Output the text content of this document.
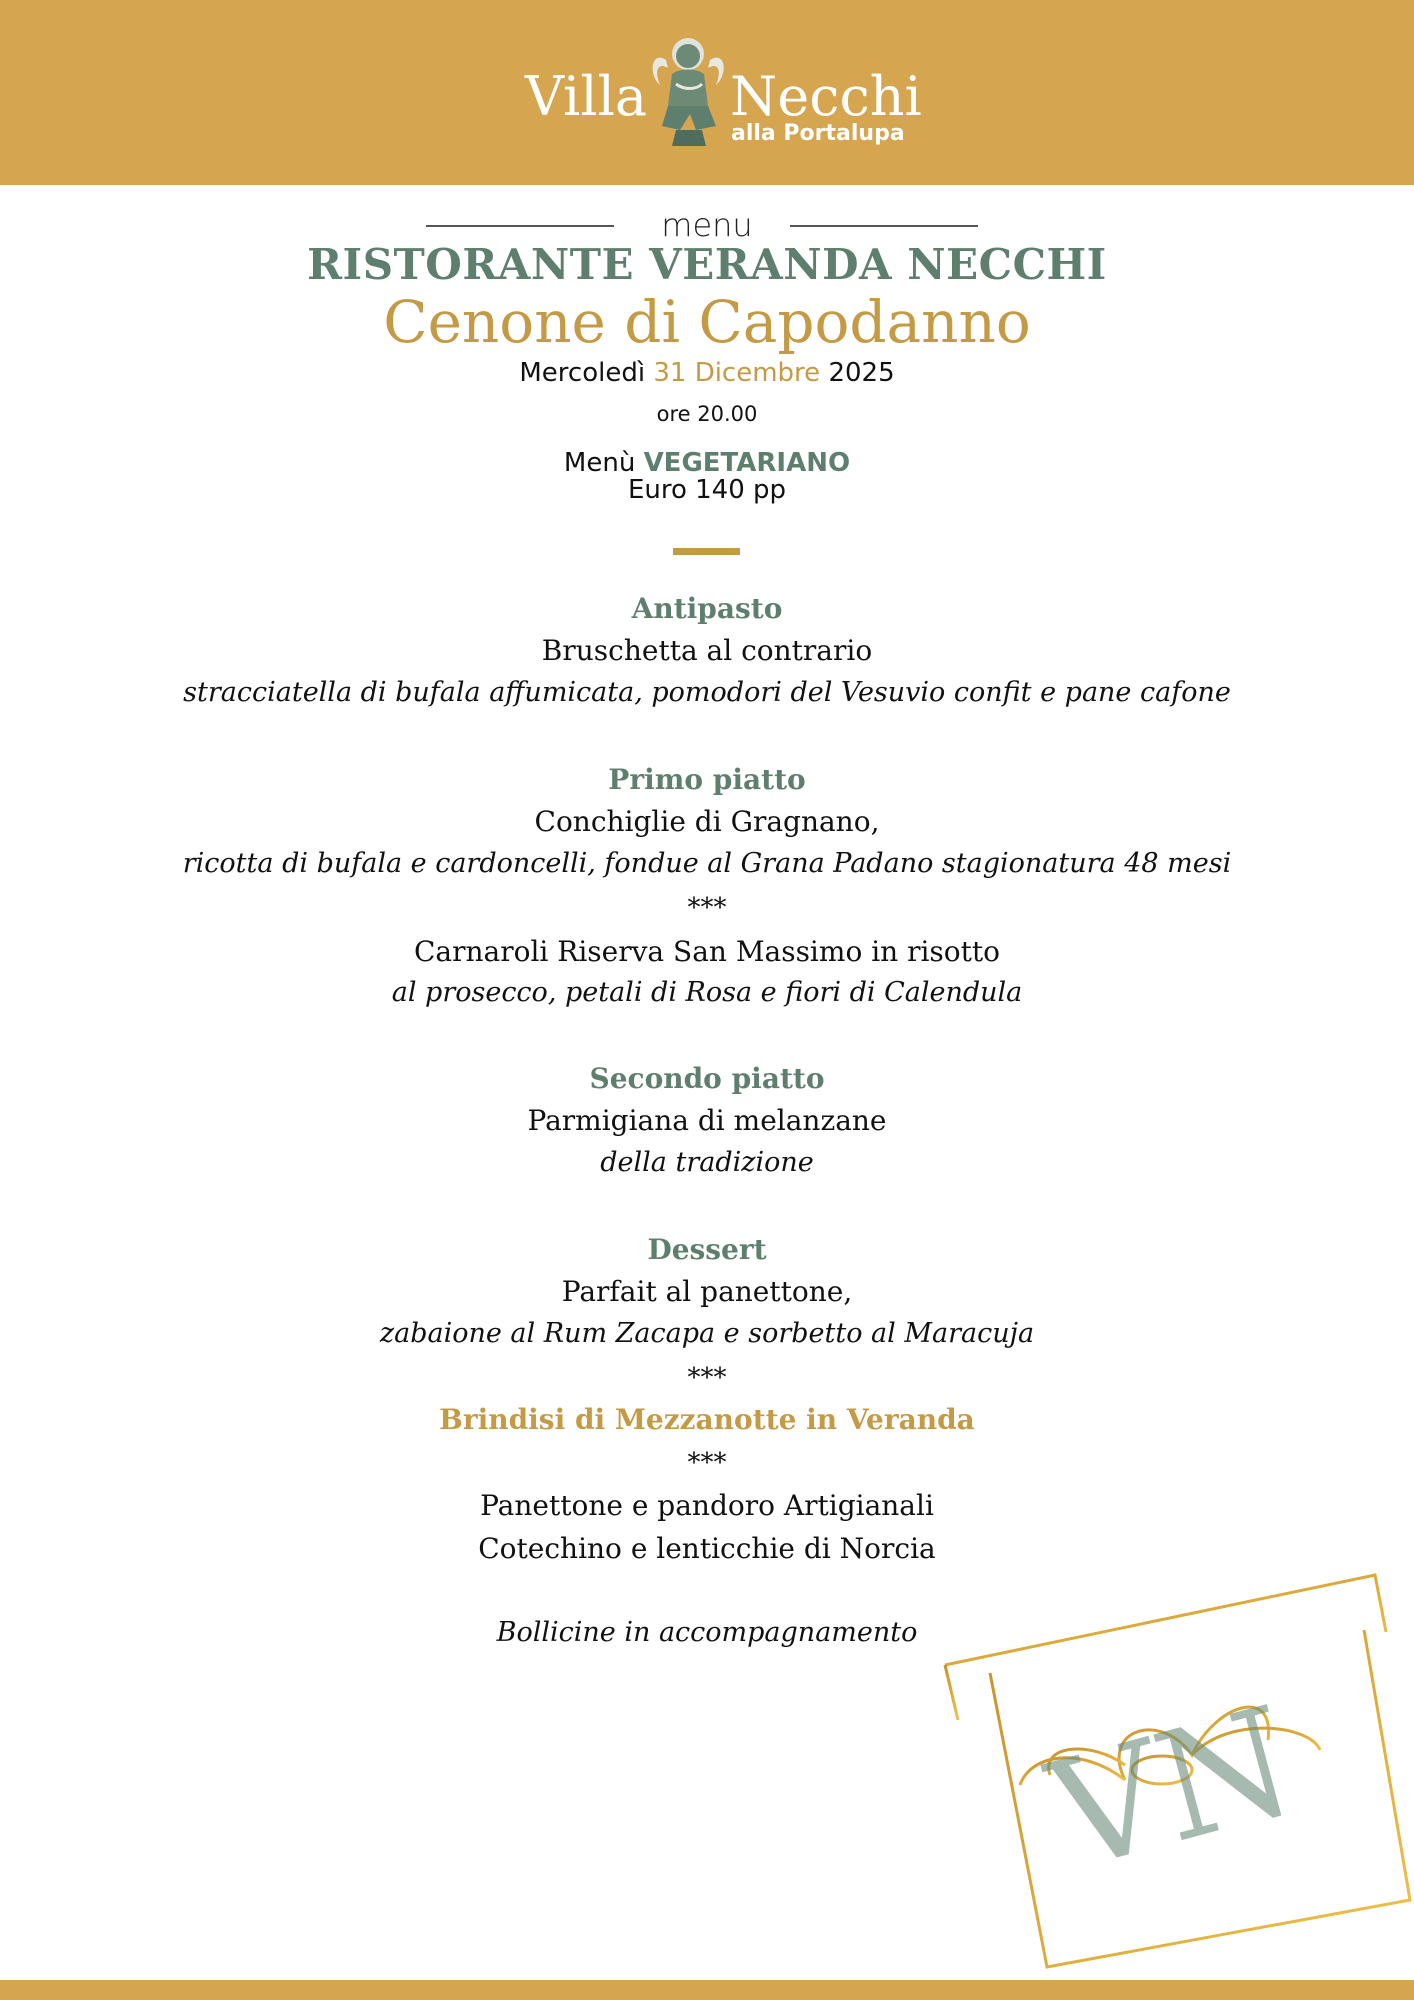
Villa Necchi
alla Portalupa
menu
RISTORANTE VERANDA NECCHI
Cenone di Capodanno
Mercoledì 31 Dicembre 2025
ore 20.00
Menù VEGETARIANO
Euro 140 pp
Antipasto
Bruschetta al contrario
stracciatella di bufala affumicata, pomodori del Vesuvio confit e pane cafone
Primo piatto
Conchiglie di Gragnano,
ricotta di bufala e cardoncelli, fondue al Grana Padano stagionatura 48 mesi
***
Carnaroli Riserva San Massimo in risotto
al prosecco, petali di Rosa e fiori di Calendula
Secondo piatto
Parmigiana di melanzane
della tradizione
Dessert
Parfait al panettone,
zabaione al Rum Zacapa e sorbetto al Maracuja
***
Brindisi di Mezzanotte in Veranda
***
Panettone e pandoro Artigianali
Cotechino e lenticchie di Norcia
Bollicine in accompagnamento
VN
